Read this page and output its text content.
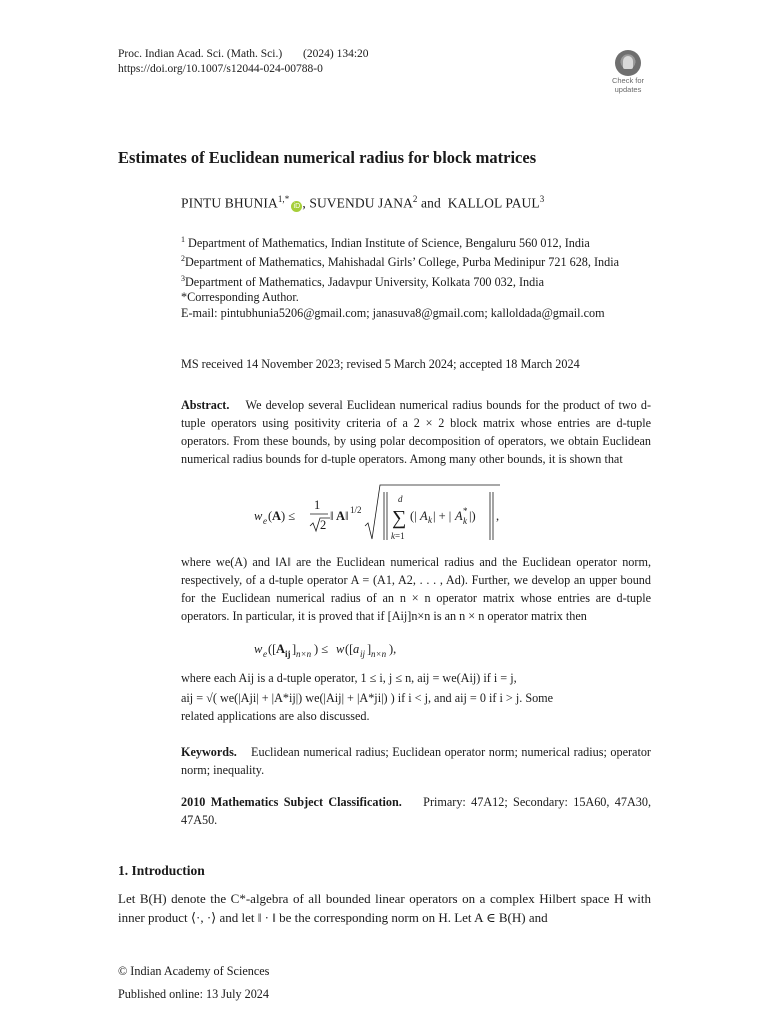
Proc. Indian Acad. Sci. (Math. Sci.) (2024) 134:20
https://doi.org/10.1007/s12044-024-00788-0
Check for
updates
Estimates of Euclidean numerical radius for block matrices
PINTU $BHUNIA^{1,*}iD$ , SUVENDU JANA$^2$ and KALLOL PAUL$^3$
$^1$ Department of Mathematics, Indian Institute of Science, Bengaluru 560 012, India
$^2$Department of Mathematics, Mahishadal Girls’ College, Purba Medinipur 721 628, India
$^3$Department of Mathematics, Jadavpur University, Kolkata 700 032, India
*Corresponding Author.
E-mail: pintubhunia5206@gmail.com; janasuva8@gmail.com; kalloldada@gmail.com
MS received 14 November 2023; revised 5 March 2024; accepted 18 March 2024
Abstract. We develop several Euclidean numerical radius bounds for the product of two d-tuple operators using positivity criteria of a 2 × 2 block matrix whose entries are d-tuple operators. From these bounds, by using polar decomposition of operators, we obtain Euclidean numerical radius bounds for d-tuple operators. Among many other bounds, it is shown that
w e ( A ) ≤
1
2
‖ A ‖ 1/2
d
∑
k=1
(| A k | + | A *
k |) ,
where we(A) and ‖A‖ are the Euclidean numerical radius and the Euclidean operator norm, respectively, of a d-tuple operator A = (A1, A2, . . . , Ad). Further, we develop an upper bound for the Euclidean numerical radius of an n × n operator matrix whose entries are d-tuple operators. In particular, it is proved that if [Aij]n×n is an n × n operator matrix then
w e ([ A ij ] n×n ) ≤ w ([ a ij ] n×n ),
where each Aij is a d-tuple operator, 1 ≤ i, j ≤ n, aij = we(Aij) if i = j,
aij = √( we(|Aji| + |A*ij|) we(|Aij| + |A*ji|) ) if i < j, and aij = 0 if i > j. Some
related applications are also discussed.
Keywords. Euclidean numerical radius; Euclidean operator norm; numerical radius; operator norm; inequality.
2010 Mathematics Subject Classification. Primary: 47A12; Secondary: 15A60, 47A30, 47A50.
1. Introduction
Let B(H) denote the C*-algebra of all bounded linear operators on a complex Hilbert space H with inner product ⟨·, ·⟩ and let ‖ · ‖ be the corresponding norm on H. Let A ∈ B(H) and
© Indian Academy of Sciences
Published online: 13 July 2024
